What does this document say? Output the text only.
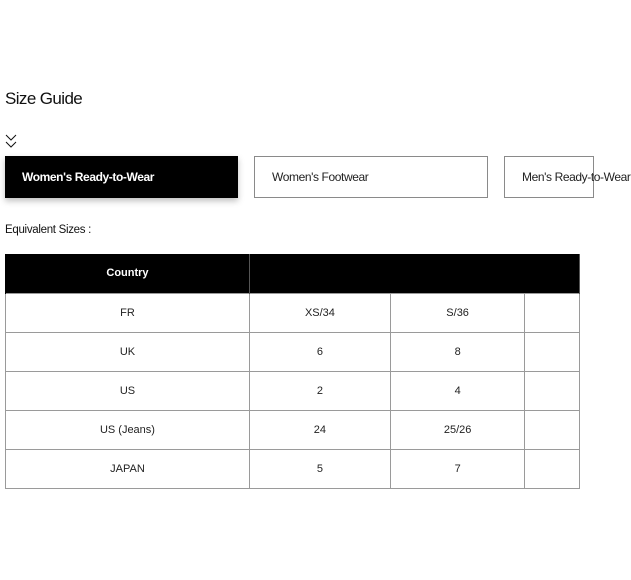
Size Guide
Women's Ready-to-Wear	Women's Footwear	Men's Ready-to-Wear
Equivalent Sizes :
Country			
FR	XS/34	S/36	
UK	6	8	
US	2	4	
US (Jeans)	24	25/26	
JAPAN	5	7	
